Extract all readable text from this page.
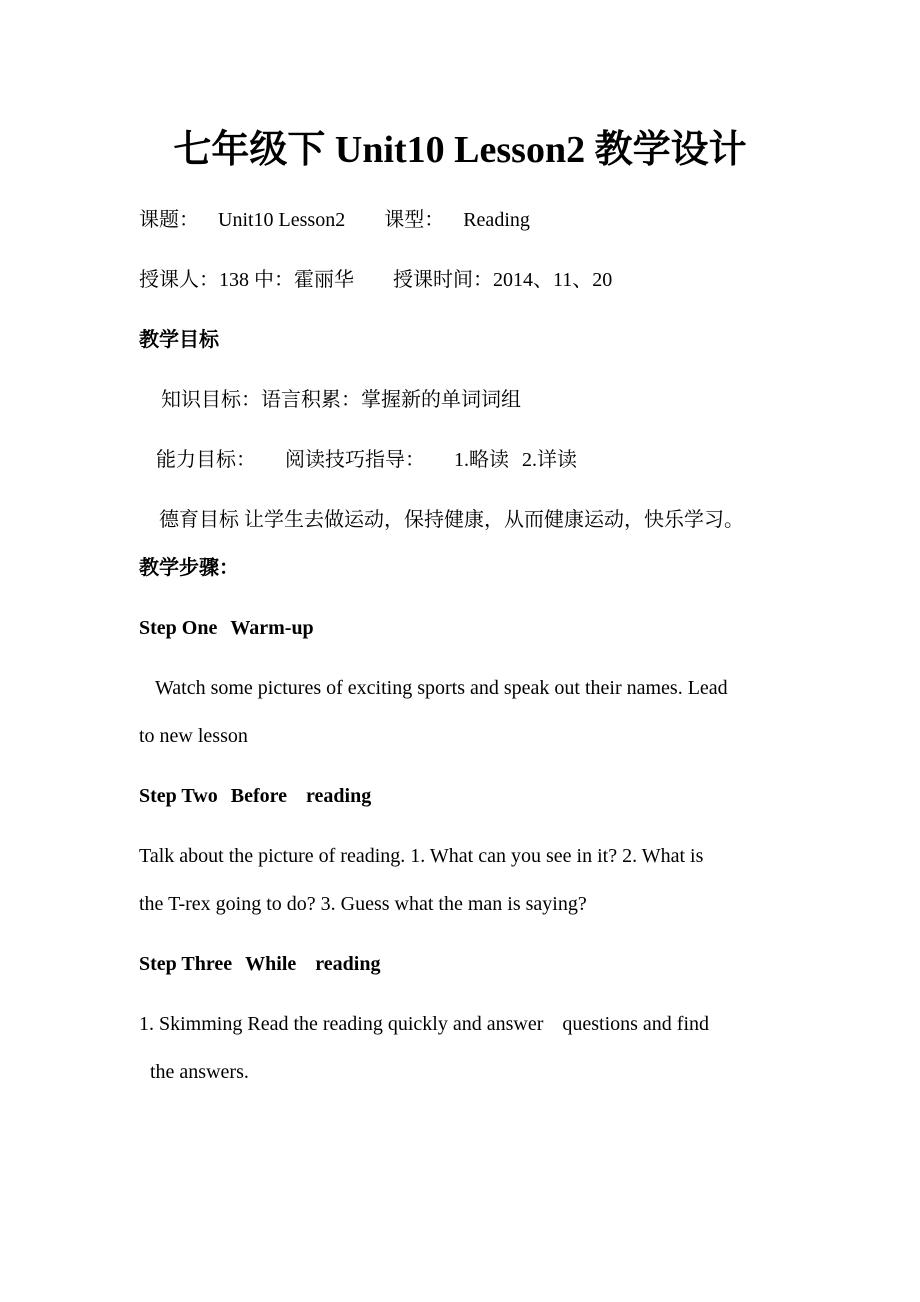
七年级下 Unit10 Lesson2 教学设计
课题： Unit10 Lesson2 课型： Reading
授课人：138 中：霍丽华 授课时间：2014、11、20
教学目标
知识目标：语言积累：掌握新的单词词组
能力目标： 阅读技巧指导： 1.略读 2.详读
德育目标 让学生去做运动，保持健康，从而健康运动，快乐学习。
教学步骤：
Step One Warm-up
Watch some pictures of exciting sports and speak out their names. Lead
to new lesson
Step Two Before reading
Talk about the picture of reading. 1. What can you see in it? 2. What is
the T-rex going to do? 3. Guess what the man is saying?
Step Three While reading
1. Skimming Read the reading quickly and answer questions and find
the answers.
